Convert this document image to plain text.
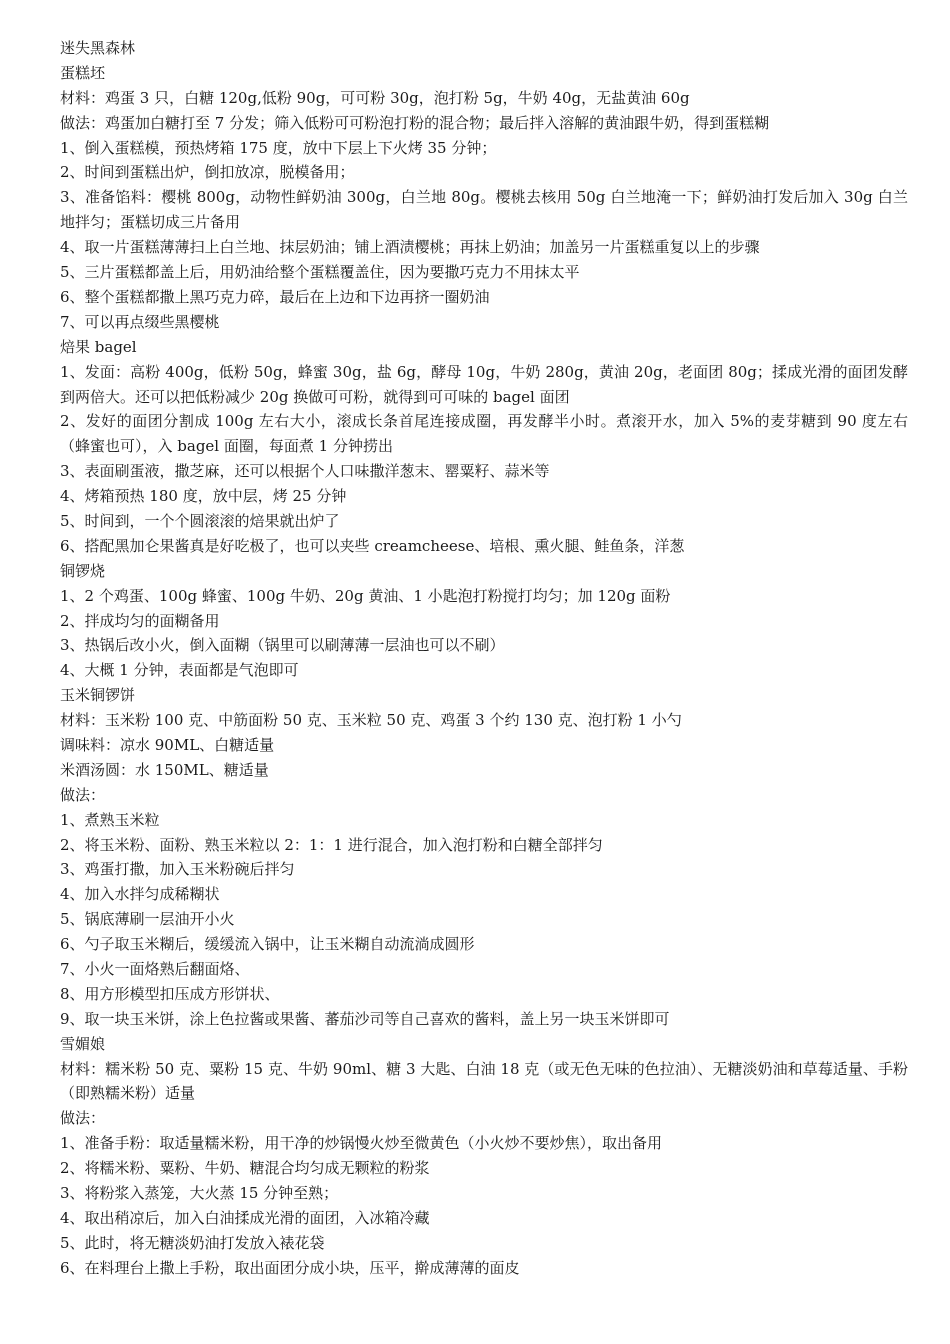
迷失黑森林
蛋糕坯
材料：鸡蛋 3 只，白糖 120g,低粉 90g，可可粉 30g，泡打粉 5g，牛奶 40g，无盐黄油 60g
做法：鸡蛋加白糖打至 7 分发；筛入低粉可可粉泡打粉的混合物；最后拌入溶解的黄油跟牛奶，得到蛋糕糊
1、倒入蛋糕模，预热烤箱 175 度，放中下层上下火烤 35 分钟；
2、时间到蛋糕出炉，倒扣放凉，脱模备用；
3、准备馅料：樱桃 800g，动物性鲜奶油 300g，白兰地 80g。樱桃去核用 50g 白兰地淹一下；鲜奶油打发后加入 30g 白兰地拌匀；蛋糕切成三片备用
4、取一片蛋糕薄薄扫上白兰地、抹层奶油；铺上酒渍樱桃；再抹上奶油；加盖另一片蛋糕重复以上的步骤
5、三片蛋糕都盖上后，用奶油给整个蛋糕覆盖住，因为要撒巧克力不用抹太平
6、整个蛋糕都撒上黑巧克力碎，最后在上边和下边再挤一圈奶油
7、可以再点缀些黑樱桃
焙果 bagel
1、发面：高粉 400g，低粉 50g，蜂蜜 30g，盐 6g，酵母 10g，牛奶 280g，黄油 20g，老面团 80g；揉成光滑的面团发酵到两倍大。还可以把低粉减少 20g 换做可可粉，就得到可可味的 bagel 面团
2、发好的面团分割成 100g 左右大小，滚成长条首尾连接成圈，再发酵半小时。煮滚开水，加入 5%的麦芽糖到 90 度左右（蜂蜜也可），入 bagel 面圈，每面煮 1 分钟捞出
3、表面刷蛋液，撒芝麻，还可以根据个人口味撒洋葱末、罂粟籽、蒜米等
4、烤箱预热 180 度，放中层，烤 25 分钟
5、时间到，一个个圆滚滚的焙果就出炉了
6、搭配黑加仑果酱真是好吃极了，也可以夹些 creamcheese、培根、熏火腿、鲑鱼条，洋葱
铜锣烧
1、2 个鸡蛋、100g 蜂蜜、100g 牛奶、20g 黄油、1 小匙泡打粉搅打均匀；加 120g 面粉
2、拌成均匀的面糊备用
3、热锅后改小火，倒入面糊（锅里可以刷薄薄一层油也可以不刷）
4、大概 1 分钟，表面都是气泡即可
玉米铜锣饼
材料：玉米粉 100 克、中筋面粉 50 克、玉米粒 50 克、鸡蛋 3 个约 130 克、泡打粉 1 小勺
调味料：凉水 90ML、白糖适量
米酒汤圆：水 150ML、糖适量
做法：
1、煮熟玉米粒
2、将玉米粉、面粉、熟玉米粒以 2：1：1 进行混合，加入泡打粉和白糖全部拌匀
3、鸡蛋打撒，加入玉米粉碗后拌匀
4、加入水拌匀成稀糊状
5、锅底薄刷一层油开小火
6、勺子取玉米糊后，缓缓流入锅中，让玉米糊自动流淌成圆形
7、小火一面烙熟后翻面烙、
8、用方形模型扣压成方形饼状、
9、取一块玉米饼，涂上色拉酱或果酱、蕃茄沙司等自己喜欢的酱料，盖上另一块玉米饼即可
雪媚娘
材料：糯米粉 50 克、粟粉 15 克、牛奶 90ml、糖 3 大匙、白油 18 克（或无色无味的色拉油）、无糖淡奶油和草莓适量、手粉（即熟糯米粉）适量
做法：
1、准备手粉：取适量糯米粉，用干净的炒锅慢火炒至微黄色（小火炒不要炒焦），取出备用
2、将糯米粉、粟粉、牛奶、糖混合均匀成无颗粒的粉浆
3、将粉浆入蒸笼，大火蒸 15 分钟至熟；
4、取出稍凉后，加入白油揉成光滑的面团，入冰箱冷藏
5、此时，将无糖淡奶油打发放入裱花袋
6、在料理台上撒上手粉，取出面团分成小块，压平，擀成薄薄的面皮
